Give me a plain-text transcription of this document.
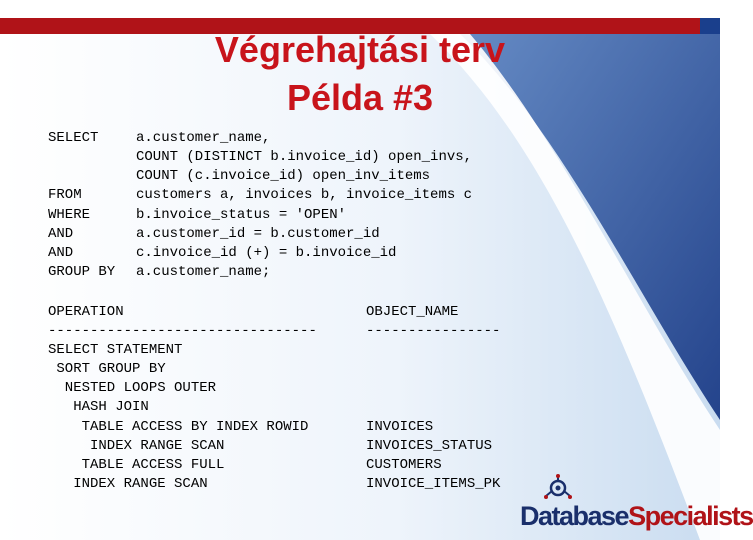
Végrehajtási terv
Példa #3
SELECT	a.customer_name,
COUNT (DISTINCT b.invoice_id) open_invs,
COUNT (c.invoice_id) open_inv_items
FROM	customers a, invoices b, invoice_items c
WHERE	b.invoice_status = 'OPEN'
AND	a.customer_id = b.customer_id
AND	c.invoice_id (+) = b.invoice_id
GROUP BY a.customer_name;
OPERATION	OBJECT_NAME
--------------------------------	----------------
SELECT STATEMENT
SORT GROUP BY
NESTED LOOPS OUTER
HASH JOIN
TABLE ACCESS BY INDEX ROWID	INVOICES
INDEX RANGE SCAN	INVOICES_STATUS
TABLE ACCESS FULL	CUSTOMERS
INDEX RANGE SCAN	INVOICE_ITEMS_PK
DatabaseSpecialists
